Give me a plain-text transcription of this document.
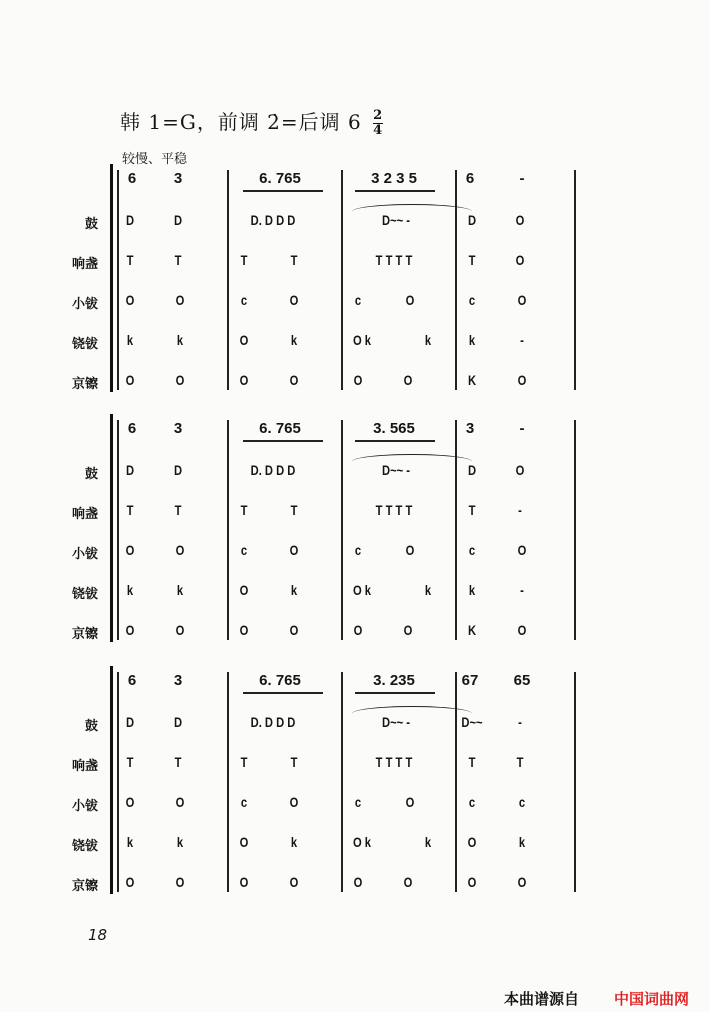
韩 1=G，前调 2̇=后调 $6 \frac{2}{4}$
较慢、平稳
6	3	6. 765	3 2 3 5	6	-
鼓 D	D	D. D D D	D~~ -	D	O
响盏 T	T	T	T	T T T T	T	O
小钹 O	O	c	O	c	O	c	O
铙钹 k	k	O	k	O k	k	k	-
京镲 O	O	O	O	O	O	K	O
6	3	6. 765	3. 565	3	-
鼓 D	D	D. D D D	D~~ -	D	O
响盏 T	T	T	T	T T T T	T	-
小钹 O	O	c	O	c	O	c	O
铙钹 k	k	O	k	O k	k	k	-
京镲 O	O	O	O	O	O	K	O
6	3	6. 765	3. 235	67 65
鼓 D	D	D. D D D	D~~ -	D~~	-
响盏 T	T	T	T	T T T T	T	T
小钹 O	O	c	O	c	O	c	c
铙钹 k	k	O	k	O k	k	O	k
京镲 O	O	O	O	O	O	O	O
18
本曲谱源自 中国词曲网
